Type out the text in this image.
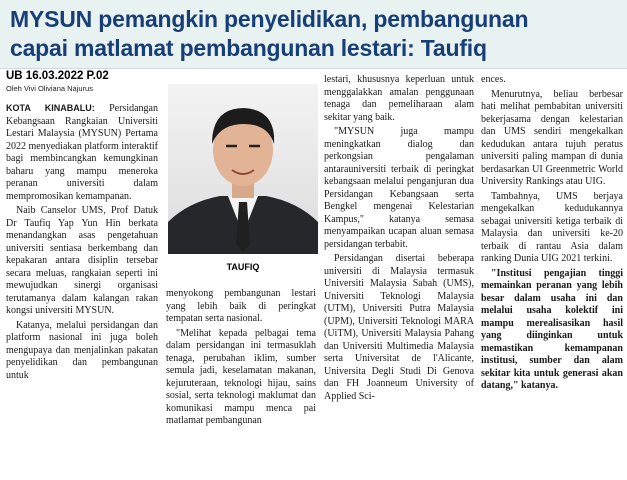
MYSUN pemangkin penyelidikan, pembangunan
capai matlamat pembangunan lestari: Taufiq
UB 16.03.2022 P.02
Oleh Vivi Oliviana Najurus

KOTA KINABALU: Persidangan Kebangsaan Rangkaian Universiti Lestari Malaysia (MYSUN) Pertama 2022 menyediakan platform interaktif bagi membincangkan kemungkinan baharu yang mampu meneroka peranan universiti dalam mempromosikan kemampanan.

Naib Canselor UMS, Prof Datuk Dr Taufiq Yap Yun Hin berkata menandangkan asas pengetahuan universiti sentiasa berkembang dan kepakaran antara disiplin tersebar secara meluas, rangkaian seperti ini mewujudkan sinergi organisasi terutamanya dalam kalangan rakan kongsi universiti MYSUN.

Katanya, melalui persidangan dan platform nasional ini juga boleh mengupaya dan menjalinkan pakatan penyelidikan dan pembangunan untuk

TAUFIQ

menyokong pembangunan lestari yang lebih baik di peringkat tempatan serta nasional.

"Melihat kepada pelbagai tema dalam persidangan ini termasuklah tenaga, perubahan iklim, sumber semula jadi, keselamatan makanan, kejuruteraan, teknologi hijau, sains sosial, serta teknologi maklumat dan komunikasi mampu menca pai matlamat pembangunan

lestari, khususnya keperluan untuk menggalakkan amalan penggunaan tenaga dan pemeliharaan alam sekitar yang baik.

"MYSUN juga mampu meningkatkan dialog dan perkongsian pengalaman antarauniversiti terbaik di peringkat kebangsaan melalui penganjuran dua Persidangan Kebangsaan serta Bengkel mengenai Kelestarian Kampus," katanya semasa menyampaikan ucapan aluan semasa persidangan terbabit.

Persidangan disertai beberapa universiti di Malaysia termasuk Universiti Malaysia Sabah (UMS), Universiti Teknologi Malaysia (UTM), Universiti Putra Malaysia (UPM), Universiti Teknologi MARA (UiTM), Universiti Malaysia Pahang dan Universiti Multimedia Malaysia serta Universitat de l'Alicante, Universita Degli Studi Di Genova dan FH Joanneum University of Applied Sci-

ences.

Menurutnya, beliau berbesar hati melihat pembabitan universiti bekerjasama dengan kelestarian dan UMS sendiri mengekalkan kedudukan antara tujuh peratus universiti paling mampan di dunia berdasarkan UI Greenmetric World University Rankings atau UIG.

Tambahnya, UMS berjaya mengekalkan kedudukannya sebagai universiti ketiga terbaik di Malaysia dan universiti ke-20 terbaik di rantau Asia dalam ranking Dunia UIG 2021 terkini.

"Institusi pengajian tinggi memainkan peranan yang lebih besar dalam usaha ini dan melalui usaha kolektif ini mampu merealisasikan hasil yang diinginkan untuk memastikan kemampanan institusi, sumber dan alam sekitar kita untuk generasi akan datang," katanya.
